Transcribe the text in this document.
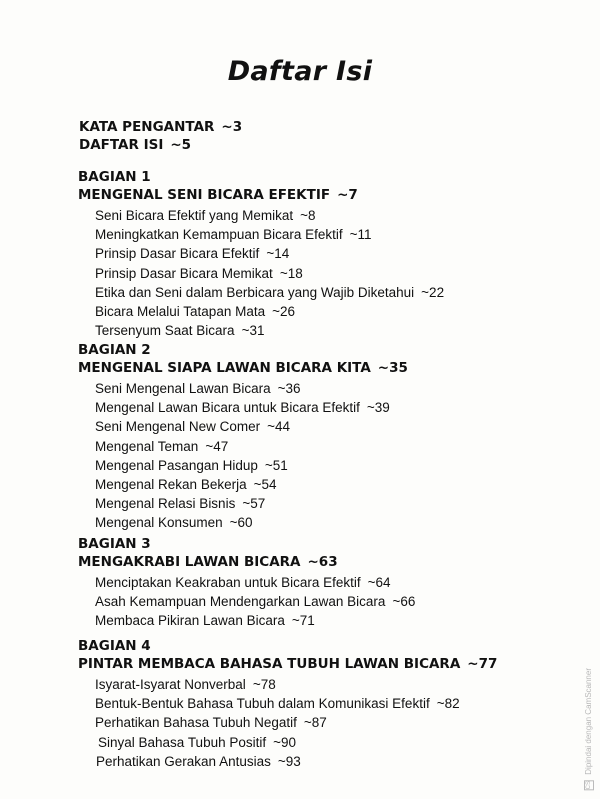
Daftar Isi
KATA PENGANTAR ~3
DAFTAR ISI ~5
BAGIAN 1
MENGENAL SENI BICARA EFEKTIF ~7
Seni Bicara Efektif yang Memikat ~8
Meningkatkan Kemampuan Bicara Efektif ~11
Prinsip Dasar Bicara Efektif ~14
Prinsip Dasar Bicara Memikat ~18
Etika dan Seni dalam Berbicara yang Wajib Diketahui ~22
Bicara Melalui Tatapan Mata ~26
Tersenyum Saat Bicara ~31
BAGIAN 2
MENGENAL SIAPA LAWAN BICARA KITA ~35
Seni Mengenal Lawan Bicara ~36
Mengenal Lawan Bicara untuk Bicara Efektif ~39
Seni Mengenal New Comer ~44
Mengenal Teman ~47
Mengenal Pasangan Hidup ~51
Mengenal Rekan Bekerja ~54
Mengenal Relasi Bisnis ~57
Mengenal Konsumen ~60
BAGIAN 3
MENGAKRABI LAWAN BICARA ~63
Menciptakan Keakraban untuk Bicara Efektif ~64
Asah Kemampuan Mendengarkan Lawan Bicara ~66
Membaca Pikiran Lawan Bicara ~71
BAGIAN 4
PINTAR MEMBACA BAHASA TUBUH LAWAN BICARA ~77
Isyarat-Isyarat Nonverbal ~78
Bentuk-Bentuk Bahasa Tubuh dalam Komunikasi Efektif ~82
Perhatikan Bahasa Tubuh Negatif ~87
Sinyal Bahasa Tubuh Positif ~90
Perhatikan Gerakan Antusias ~93
CS Dipindai dengan CamScanner
